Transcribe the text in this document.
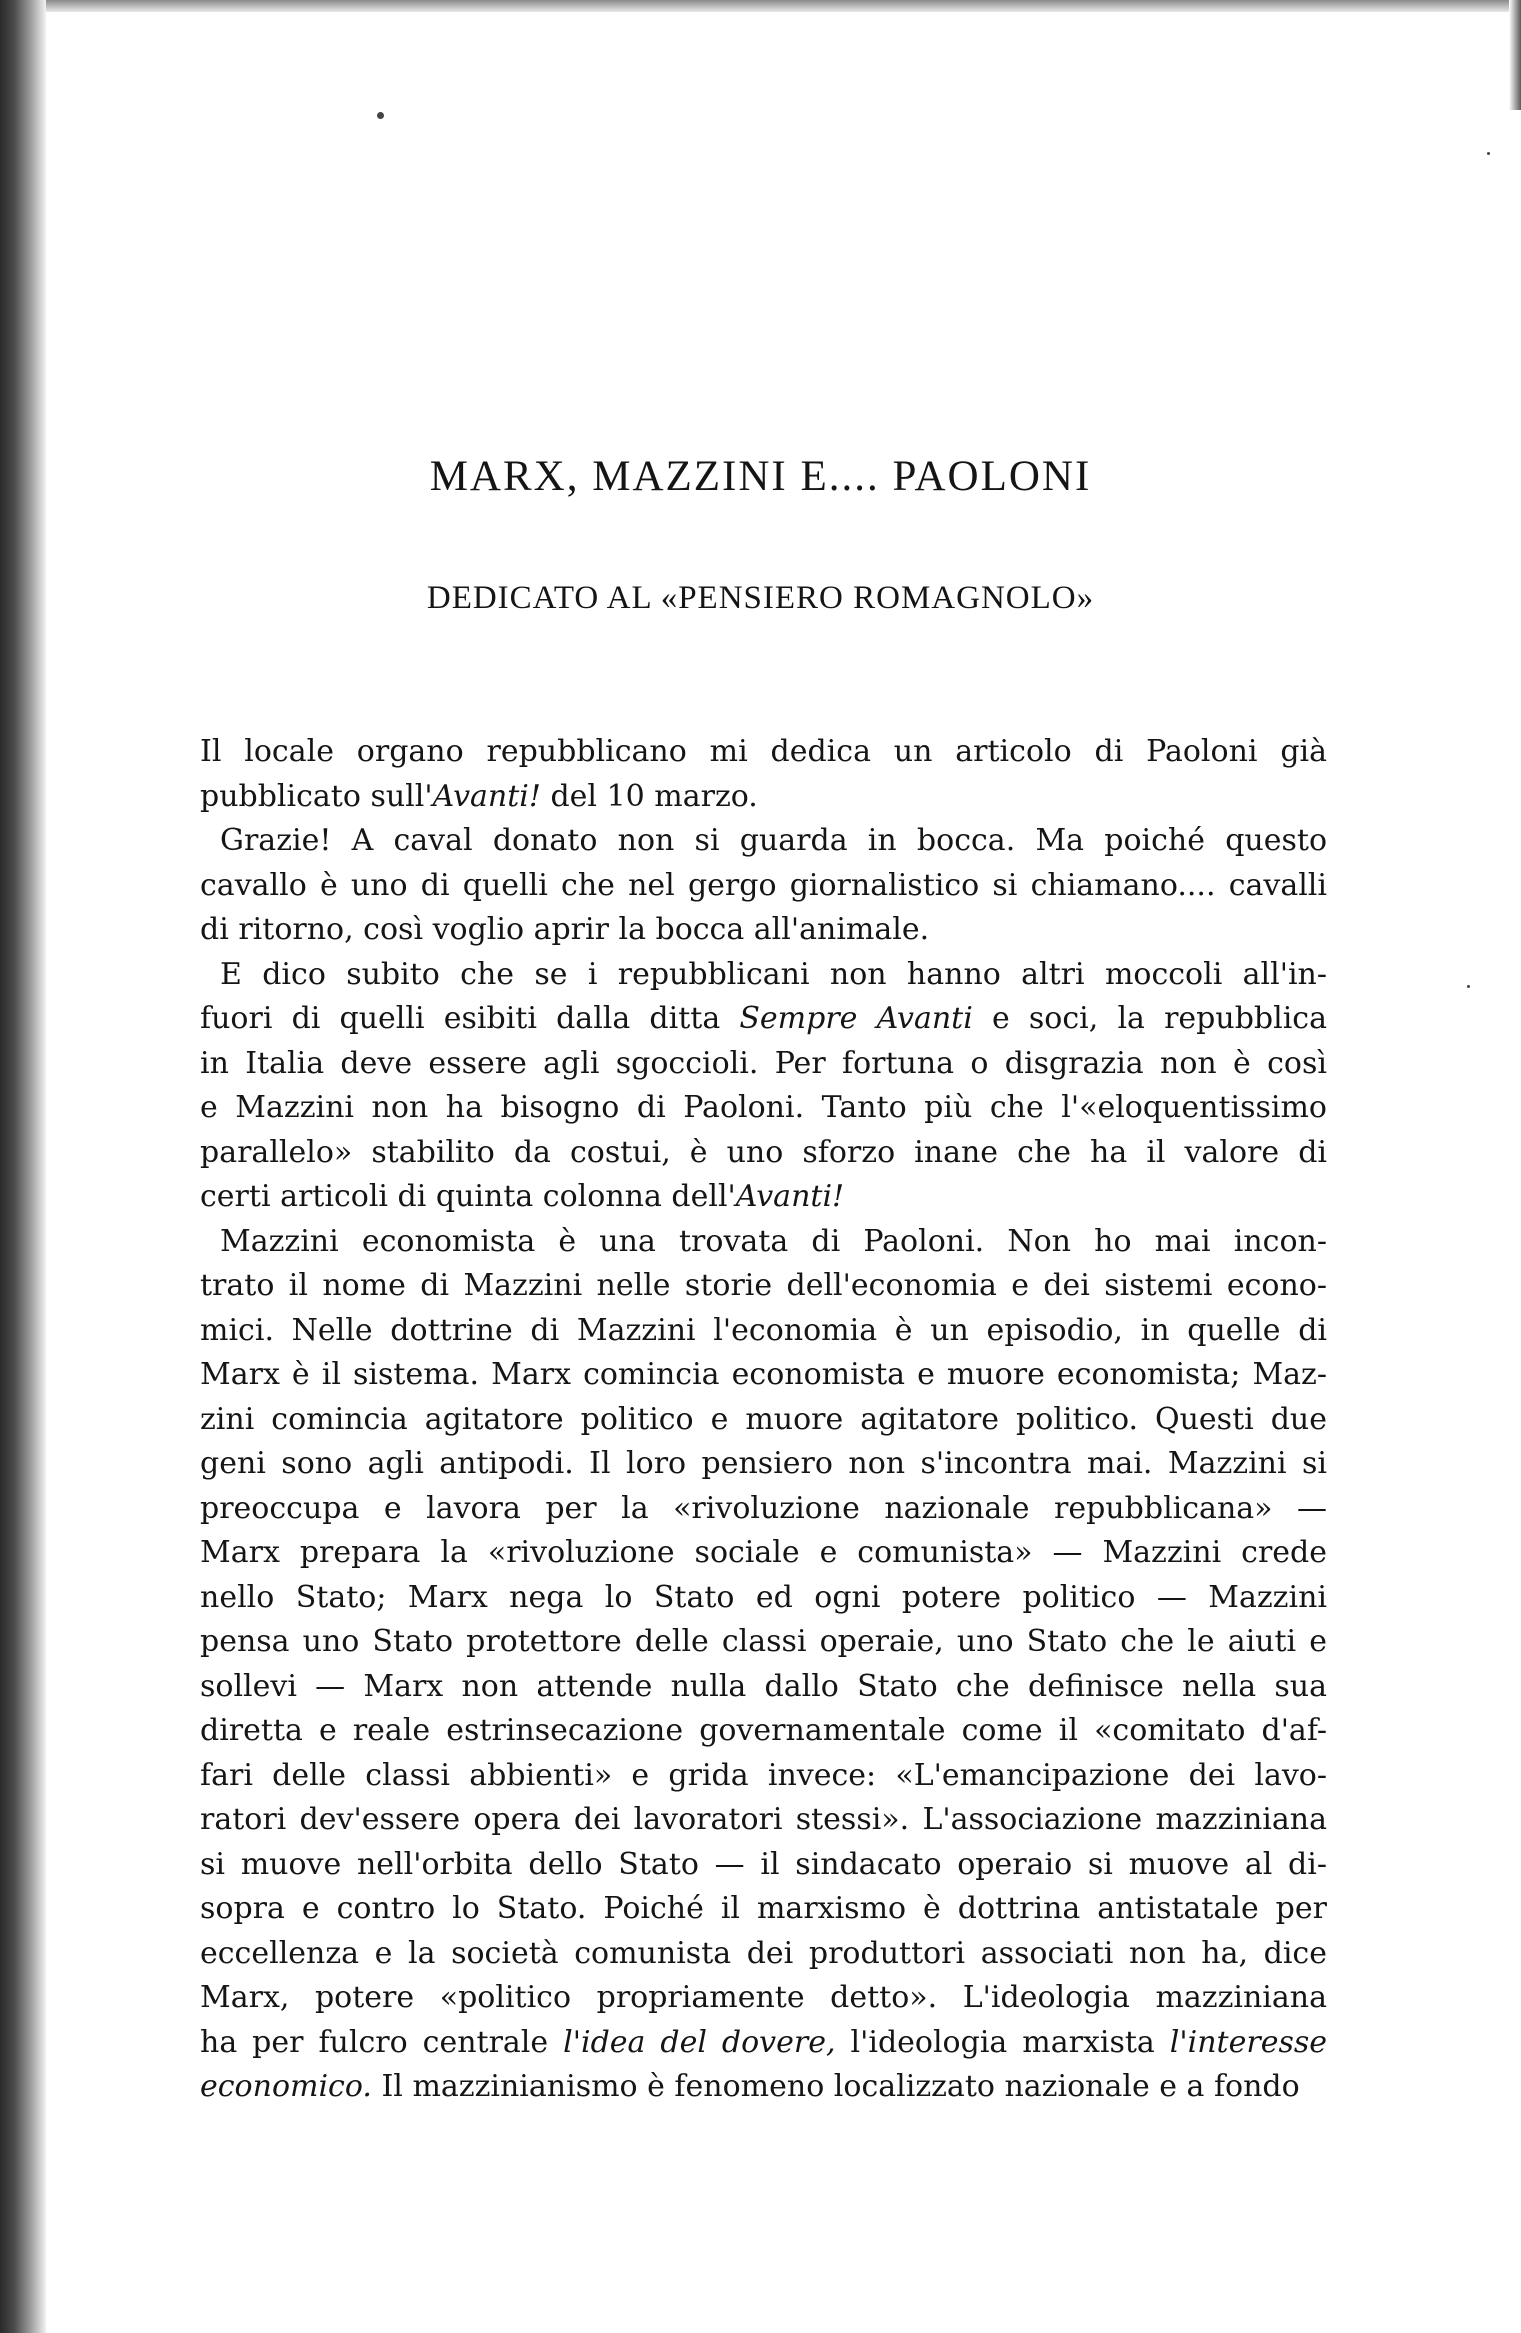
MARX, MAZZINI E.... PAOLONI
DEDICATO AL «PENSIERO ROMAGNOLO»
Il locale organo repubblicano mi dedica un articolo di Paoloni già
pubblicato sull'Avanti! del 10 marzo.
Grazie! A caval donato non si guarda in bocca. Ma poiché questo
cavallo è uno di quelli che nel gergo giornalistico si chiamano.... cavalli
di ritorno, così voglio aprir la bocca all'animale.
E dico subito che se i repubblicani non hanno altri moccoli all'in-
fuori di quelli esibiti dalla ditta Sempre Avanti e soci, la repubblica
in Italia deve essere agli sgoccioli. Per fortuna o disgrazia non è così
e Mazzini non ha bisogno di Paoloni. Tanto più che l'«eloquentissimo
parallelo» stabilito da costui, è uno sforzo inane che ha il valore di
certi articoli di quinta colonna dell'Avanti!
Mazzini economista è una trovata di Paoloni. Non ho mai incon-
trato il nome di Mazzini nelle storie dell'economia e dei sistemi econo-
mici. Nelle dottrine di Mazzini l'economia è un episodio, in quelle di
Marx è il sistema. Marx comincia economista e muore economista; Maz-
zini comincia agitatore politico e muore agitatore politico. Questi due
geni sono agli antipodi. Il loro pensiero non s'incontra mai. Mazzini si
preoccupa e lavora per la «rivoluzione nazionale repubblicana» —
Marx prepara la «rivoluzione sociale e comunista» — Mazzini crede
nello Stato; Marx nega lo Stato ed ogni potere politico — Mazzini
pensa uno Stato protettore delle classi operaie, uno Stato che le aiuti e
sollevi — Marx non attende nulla dallo Stato che definisce nella sua
diretta e reale estrinsecazione governamentale come il «comitato d'af-
fari delle classi abbienti» e grida invece: «L'emancipazione dei lavo-
ratori dev'essere opera dei lavoratori stessi». L'associazione mazziniana
si muove nell'orbita dello Stato — il sindacato operaio si muove al di-
sopra e contro lo Stato. Poiché il marxismo è dottrina antistatale per
eccellenza e la società comunista dei produttori associati non ha, dice
Marx, potere «politico propriamente detto». L'ideologia mazziniana
ha per fulcro centrale l'idea del dovere, l'ideologia marxista l'interesse
economico. Il mazzinianismo è fenomeno localizzato nazionale e a fondo
